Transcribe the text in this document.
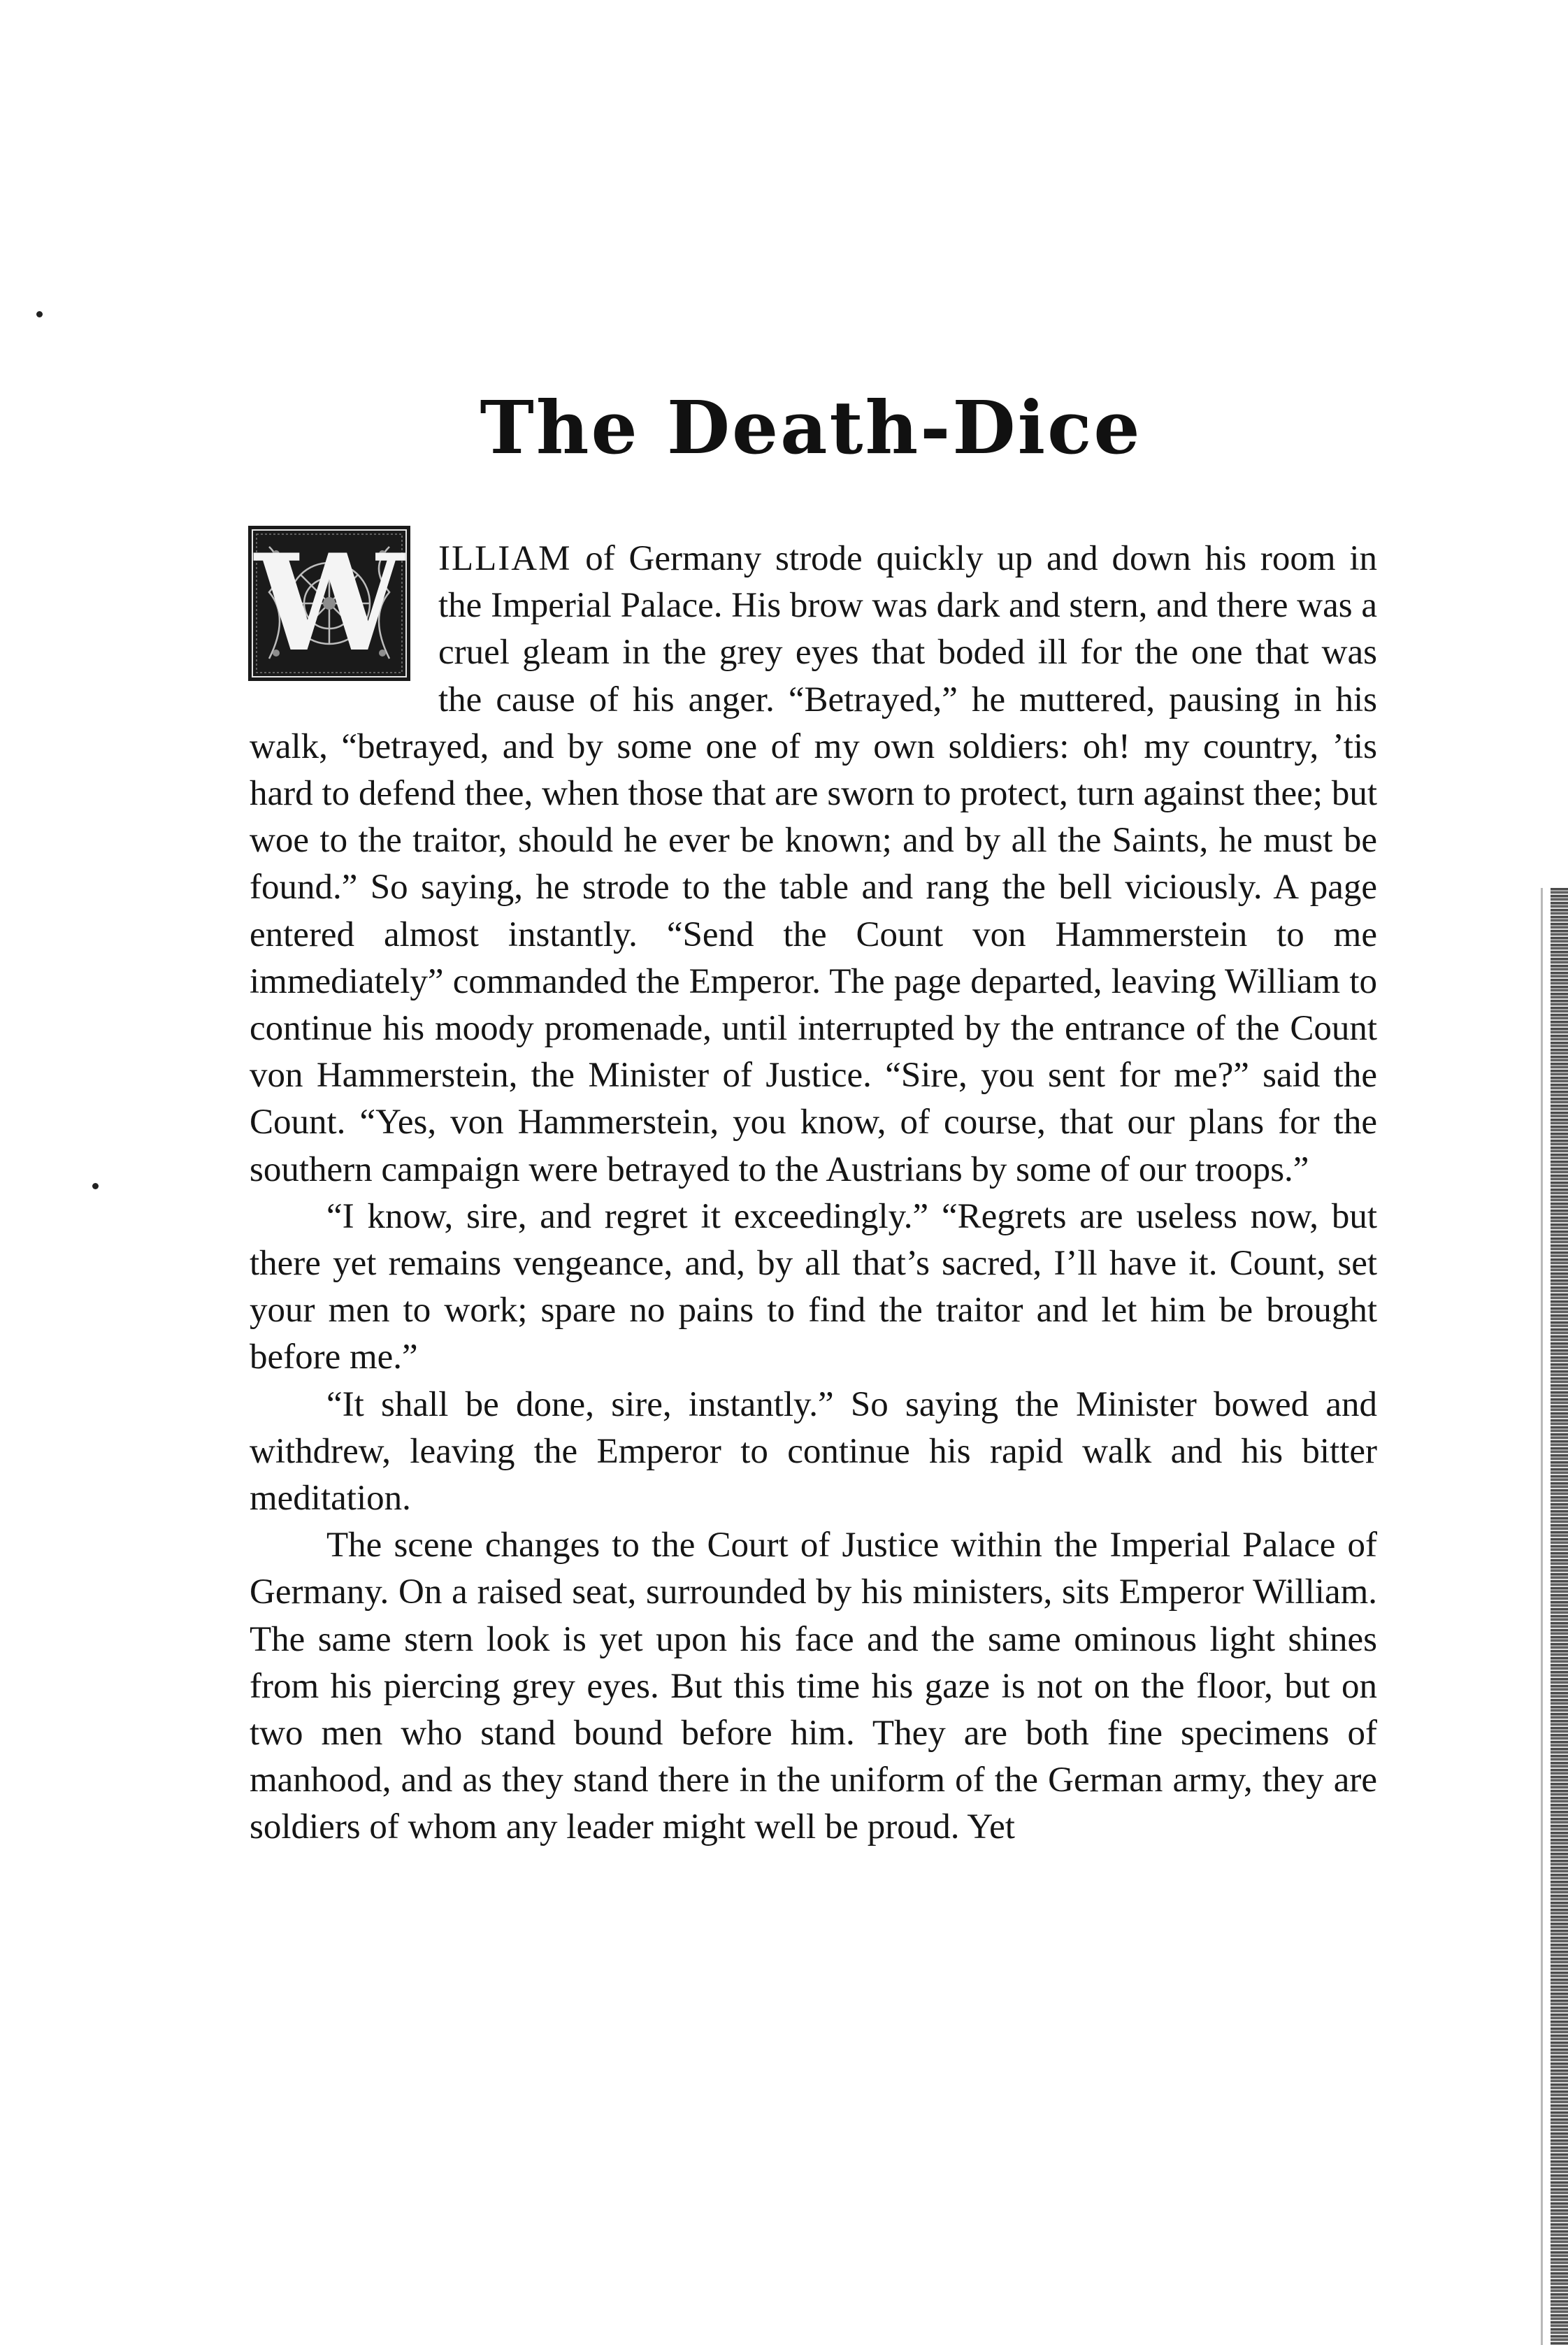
The Death-Dice
W ILLIAM of Germany strode quickly up and down his room in the Imperial Palace. His brow was dark and stern, and there was a cruel gleam in the grey eyes that boded ill for the one that was the cause of his anger. “Betrayed,” he muttered, pausing in his walk, “betrayed, and by some one of my own soldiers: oh! my country, ’tis hard to defend thee, when those that are sworn to protect, turn against thee; but woe to the traitor, should he ever be known; and by all the Saints, he must be found.” So saying, he strode to the table and rang the bell viciously. A page entered almost instantly. “Send the Count von Hammerstein to me immediately” commanded the Emperor. The page departed, leaving William to continue his moody promenade, until interrupted by the entrance of the Count von Hammerstein, the Minister of Justice. “Sire, you sent for me?” said the Count. “Yes, von Hammerstein, you know, of course, that our plans for the southern campaign were betrayed to the Austrians by some of our troops.”

“I know, sire, and regret it exceedingly.” “Regrets are useless now, but there yet remains vengeance, and, by all that’s sacred, I’ll have it. Count, set your men to work; spare no pains to find the traitor and let him be brought before me.”

“It shall be done, sire, instantly.” So saying the Minister bowed and withdrew, leaving the Emperor to continue his rapid walk and his bitter meditation.

The scene changes to the Court of Justice within the Imperial Palace of Germany. On a raised seat, surrounded by his ministers, sits Emperor William. The same stern look is yet upon his face and the same ominous light shines from his piercing grey eyes. But this time his gaze is not on the floor, but on two men who stand bound before him. They are both fine specimens of manhood, and as they stand there in the uniform of the German army, they are soldiers of whom any leader might well be proud. Yet
